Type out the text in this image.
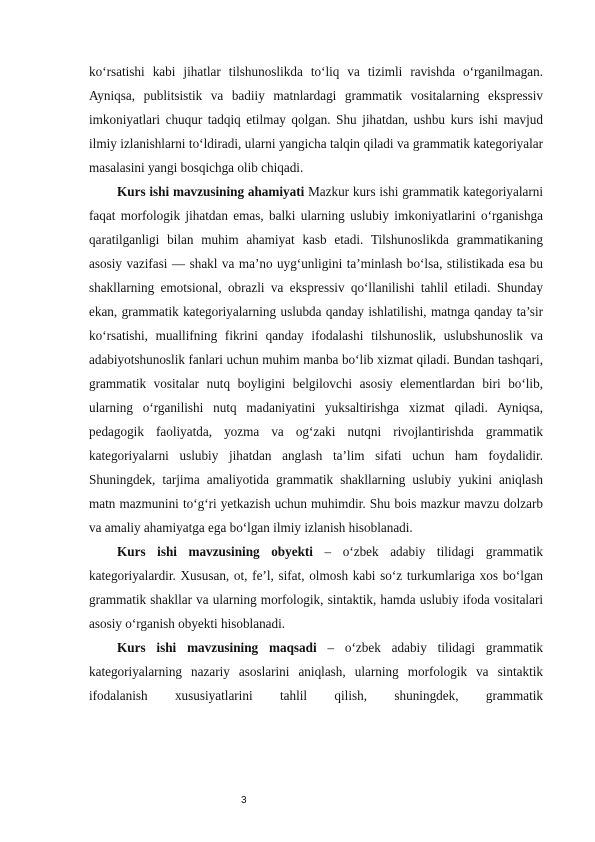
ko‘rsatishi kabi jihatlar tilshunoslikda to‘liq va tizimli ravishda o‘rganilmagan. Ayniqsa, publitsistik va badiiy matnlardagi grammatik vositalarning ekspressiv imkoniyatlari chuqur tadqiq etilmay qolgan. Shu jihatdan, ushbu kurs ishi mavjud ilmiy izlanishlarni to‘ldiradi, ularni yangicha talqin qiladi va grammatik kategoriyalar masalasini yangi bosqichga olib chiqadi.

Kurs ishi mavzusining ahamiyati Mazkur kurs ishi grammatik kategoriyalarni faqat morfologik jihatdan emas, balki ularning uslubiy imkoniyatlarini o‘rganishga qaratilganligi bilan muhim ahamiyat kasb etadi. Tilshunoslikda grammatikaning asosiy vazifasi — shakl va ma’no uyg‘unligini ta’minlash bo‘lsa, stilistikada esa bu shakllarning emotsional, obrazli va ekspressiv qo‘llanilishi tahlil etiladi. Shunday ekan, grammatik kategoriyalarning uslubda qanday ishlatilishi, matnga qanday ta’sir ko‘rsatishi, muallifning fikrini qanday ifodalashi tilshunoslik, uslubshunoslik va adabiyotshunoslik fanlari uchun muhim manba bo‘lib xizmat qiladi. Bundan tashqari, grammatik vositalar nutq boyligini belgilovchi asosiy elementlardan biri bo‘lib, ularning o‘rganilishi nutq madaniyatini yuksaltirishga xizmat qiladi. Ayniqsa, pedagogik faoliyatda, yozma va og‘zaki nutqni rivojlantirishda grammatik kategoriyalarni uslubiy jihatdan anglash ta’lim sifati uchun ham foydalidir. Shuningdek, tarjima amaliyotida grammatik shakllarning uslubiy yukini aniqlash matn mazmunini to‘g‘ri yetkazish uchun muhimdir. Shu bois mazkur mavzu dolzarb va amaliy ahamiyatga ega bo‘lgan ilmiy izlanish hisoblanadi.

Kurs ishi mavzusining obyekti – o‘zbek adabiy tilidagi grammatik kategoriyalardir. Xususan, ot, fe’l, sifat, olmosh kabi so‘z turkumlariga xos bo‘lgan grammatik shakllar va ularning morfologik, sintaktik, hamda uslubiy ifoda vositalari asosiy o‘rganish obyekti hisoblanadi.

Kurs ishi mavzusining maqsadi – o‘zbek adabiy tilidagi grammatik kategoriyalarning nazariy asoslarini aniqlash, ularning morfologik va sintaktik ifodalanish xususiyatlarini tahlil qilish, shuningdek, grammatik

3
